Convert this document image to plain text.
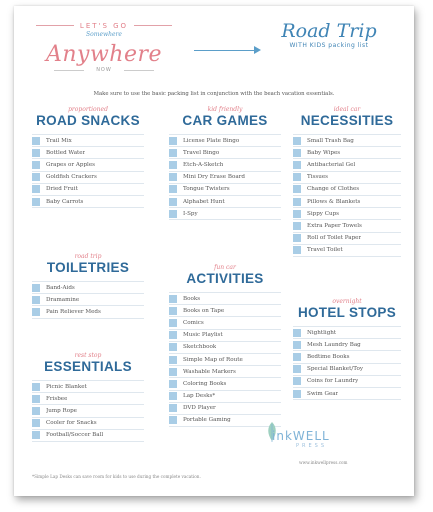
LET'S GO
Somewhere
Anywhere
NOW
Road Trip
WITH KIDS packing list
Make sure to use the basic packing list in conjunction with the beach vacation essentials.
proportioned
ROAD SNACKS
Trail Mix
Bottled Water
Grapes or Apples
Goldfish Crackers
Dried Fruit
Baby Carrots
kid friendly
CAR GAMES
License Plate Bingo
Travel Bingo
Etch-A-Sketch
Mini Dry Erase Board
Tongue Twisters
Alphabet Hunt
I-Spy
ideal car
NECESSITIES
Small Trash Bag
Baby Wipes
Antibacterial Gel
Tissues
Change of Clothes
Pillows & Blankets
Sippy Cups
Extra Paper Towels
Roll of Toilet Paper
Travel Toilet
road trip
TOILETRIES
Band-Aids
Dramamine
Pain Reliever Meds
fun car
ACTIVITIES
Books
Books on Tape
Comics
Music Playlist
Sketchbook
Simple Map of Route
Washable Markers
Coloring Books
Lap Desks*
DVD Player
Portable Gaming
overnight
HOTEL STOPS
Nightlight
Mesh Laundry Bag
Bedtime Books
Special Blanket/Toy
Coins for Laundry
Swim Gear
rest stop
ESSENTIALS
Picnic Blanket
Frisbee
Jump Rope
Cooler for Snacks
Football/Soccer Ball	inkWELL
PRESS
www.inkwellpress.com
*Simple Lap Desks can save room for kids to use during the complete vacation.
